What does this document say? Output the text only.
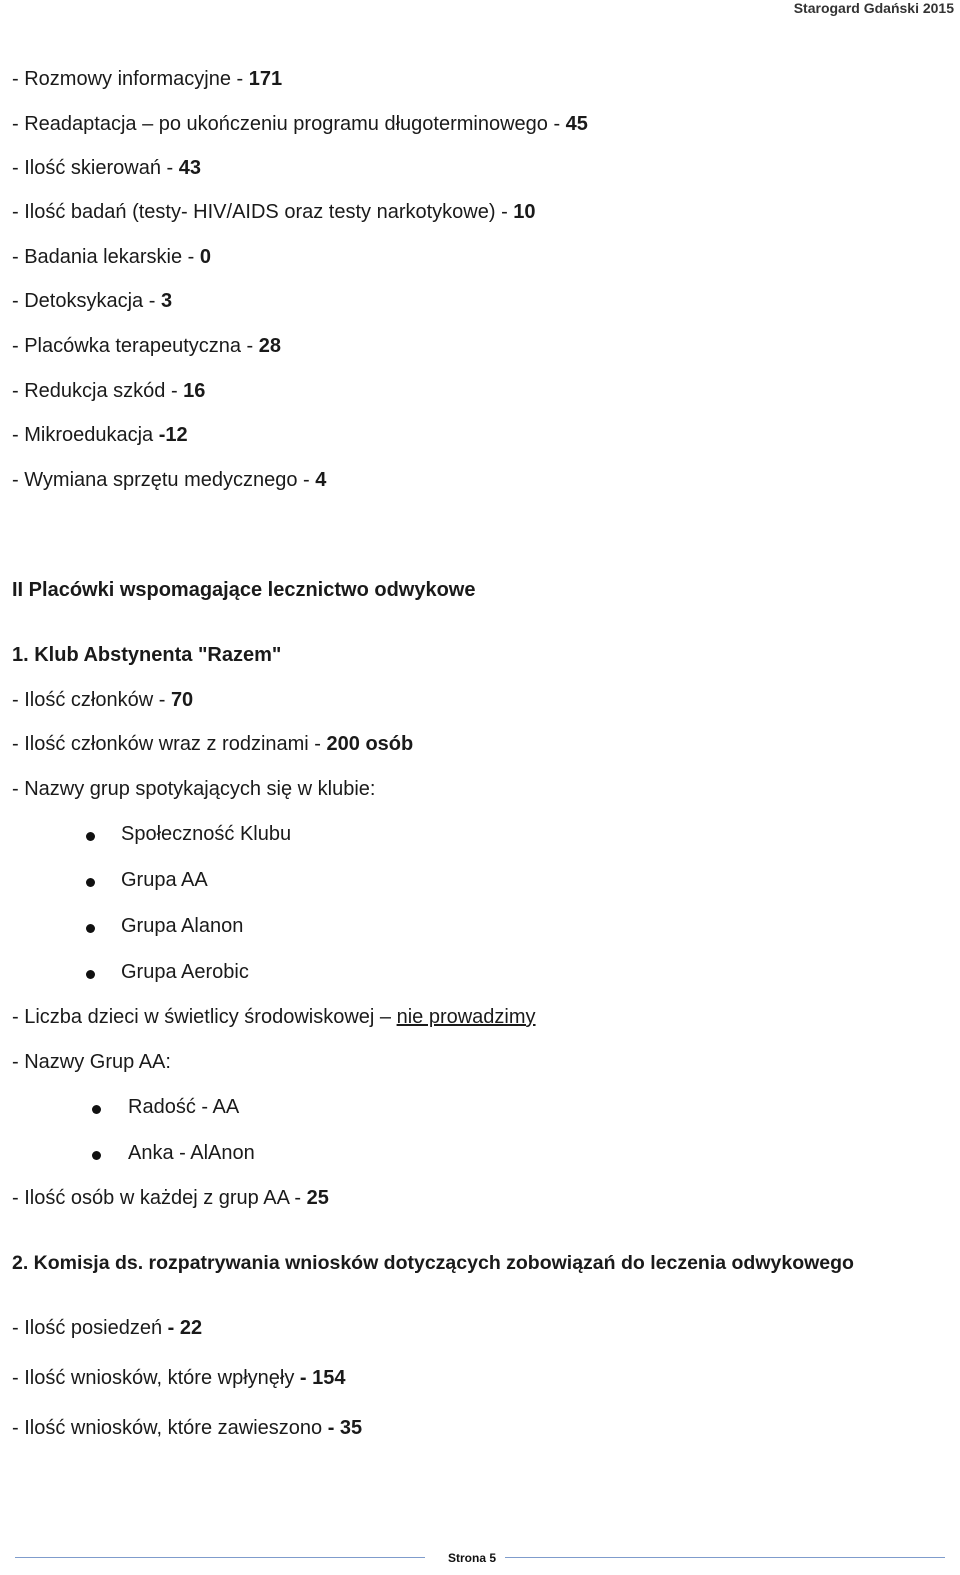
Starogard Gdański 2015
- Rozmowy informacyjne - 171
- Readaptacja – po ukończeniu programu długoterminowego - 45
- Ilość skierowań - 43
- Ilość badań (testy- HIV/AIDS oraz testy narkotykowe) - 10
- Badania lekarskie - 0
- Detoksykacja - 3
- Placówka terapeutyczna - 28
- Redukcja szkód - 16
- Mikroedukacja -12
- Wymiana sprzętu medycznego - 4
II Placówki wspomagające lecznictwo odwykowe
1. Klub Abstynenta "Razem"
- Ilość członków - 70
- Ilość członków wraz z rodzinami - 200 osób
- Nazwy grup spotykających się w klubie:
Społeczność Klubu
Grupa AA
Grupa Alanon
Grupa Aerobic
- Liczba dzieci w świetlicy środowiskowej – nie prowadzimy
- Nazwy Grup AA:
Radość - AA
Anka - AlAnon
- Ilość osób w każdej z grup AA - 25
2. Komisja ds. rozpatrywania wniosków dotyczących zobowiązań do leczenia odwykowego
- Ilość posiedzeń - 22
- Ilość wniosków, które wpłynęły - 154
- Ilość wniosków, które zawieszono - 35
Strona 5
